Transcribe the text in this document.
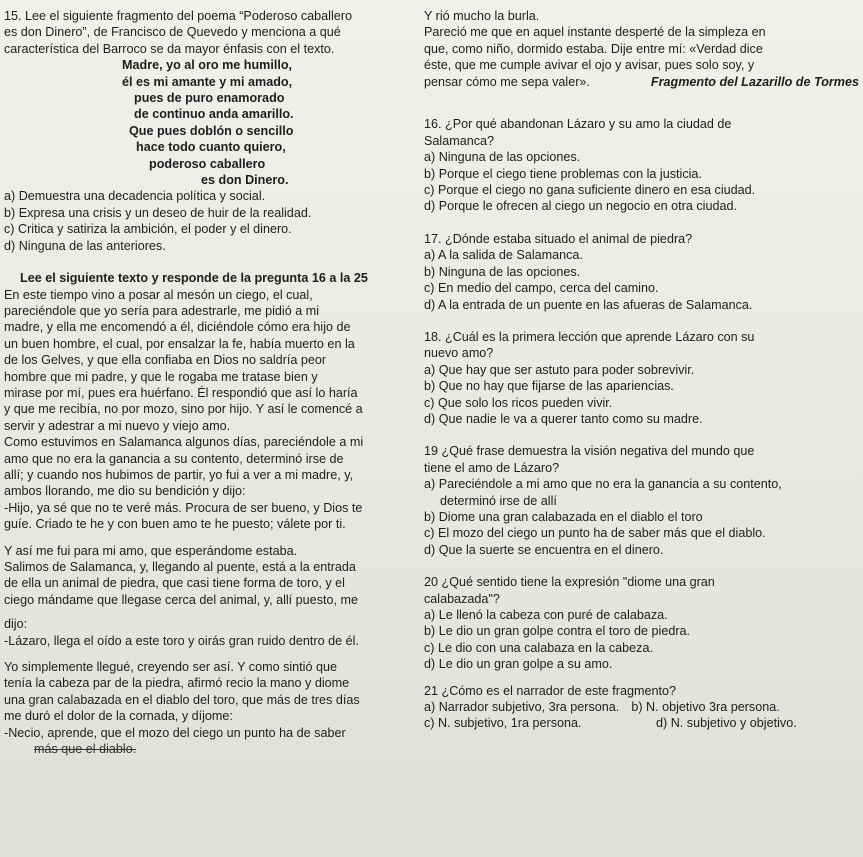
15. Lee el siguiente fragmento del poema “Poderoso caballero
es don Dinero”, de Francisco de Quevedo y menciona a qué
característica del Barroco se da mayor énfasis con el texto.
Madre, yo al oro me humillo,
él es mi amante y mi amado,
pues de puro enamorado
de continuo anda amarillo.
Que pues doblón o sencillo
hace todo cuanto quiero,
poderoso caballero
es don Dinero.
a) Demuestra una decadencia política y social.
b) Expresa una crisis y un deseo de huir de la realidad.
c) Critica y satiriza la ambición, el poder y el dinero.
d) Ninguna de las anteriores.
Lee el siguiente texto y responde de la pregunta 16 a la 25
En este tiempo vino a posar al mesón un ciego, el cual,
pareciéndole que yo sería para adestrarle, me pidió a mi
madre, y ella me encomendó a él, diciéndole cómo era hijo de
un buen hombre, el cual, por ensalzar la fe, había muerto en la
de los Gelves, y que ella confiaba en Dios no saldría peor
hombre que mi padre, y que le rogaba me tratase bien y
mirase por mí, pues era huérfano. Él respondió que así lo haría
y que me recibía, no por mozo, sino por hijo. Y así le comencé a
servir y adestrar a mi nuevo y viejo amo.
Como estuvimos en Salamanca algunos días, pareciéndole a mi
amo que no era la ganancia a su contento, determinó irse de
allí; y cuando nos hubimos de partir, yo fui a ver a mi madre, y,
ambos llorando, me dio su bendición y dijo:
-Hijo, ya sé que no te veré más. Procura de ser bueno, y Dios te
guíe. Criado te he y con buen amo te he puesto; válete por ti.
Y así me fui para mi amo, que esperándome estaba.
Salimos de Salamanca, y, llegando al puente, está a la entrada
de ella un animal de piedra, que casi tiene forma de toro, y el
ciego mándame que llegase cerca del animal, y, allí puesto, me
dijo:
-Lázaro, llega el oído a este toro y oirás gran ruido dentro de él.
Yo simplemente llegué, creyendo ser así. Y como sintió que
tenía la cabeza par de la piedra, afirmó recio la mano y diome
una gran calabazada en el diablo del toro, que más de tres días
me duró el dolor de la cornada, y díjome:
-Necio, aprende, que el mozo del ciego un punto ha de saber
más que el diablo.
Y rió mucho la burla.
Pareció me que en aquel instante desperté de la simpleza en
que, como niño, dormido estaba. Dije entre mí: «Verdad dice
éste, que me cumple avivar el ojo y avisar, pues solo soy, y
pensar cómo me sepa valer».	Fragmento del Lazarillo de Tormes
16. ¿Por qué abandonan Lázaro y su amo la ciudad de
Salamanca?
a) Ninguna de las opciones.
b) Porque el ciego tiene problemas con la justicia.
c) Porque el ciego no gana suficiente dinero en esa ciudad.
d) Porque le ofrecen al ciego un negocio en otra ciudad.
17. ¿Dónde estaba situado el animal de piedra?
a) A la salida de Salamanca.
b) Ninguna de las opciones.
c) En medio del campo, cerca del camino.
d) A la entrada de un puente en las afueras de Salamanca.
18. ¿Cuál es la primera lección que aprende Lázaro con su
nuevo amo?
a) Que hay que ser astuto para poder sobrevivir.
b) Que no hay que fijarse de las apariencias.
c) Que solo los ricos pueden vivir.
d) Que nadie le va a querer tanto como su madre.
19 ¿Qué frase demuestra la visión negativa del mundo que
tiene el amo de Lázaro?
a) Pareciéndole a mi amo que no era la ganancia a su contento,
determinó irse de allí
b) Diome una gran calabazada en el diablo el toro
c) El mozo del ciego un punto ha de saber más que el diablo.
d) Que la suerte se encuentra en el dinero.
20 ¿Qué sentido tiene la expresión "diome una gran
calabazada"?
a) Le llenó la cabeza con puré de calabaza.
b) Le dio un gran golpe contra el toro de piedra.
c) Le dio con una calabaza en la cabeza.
d) Le dio un gran golpe a su amo.
21 ¿Cómo es el narrador de este fragmento?
a) Narrador subjetivo, 3ra persona. b) N. objetivo 3ra persona.
c) N. subjetivo, 1ra persona.	d) N. subjetivo y objetivo.
